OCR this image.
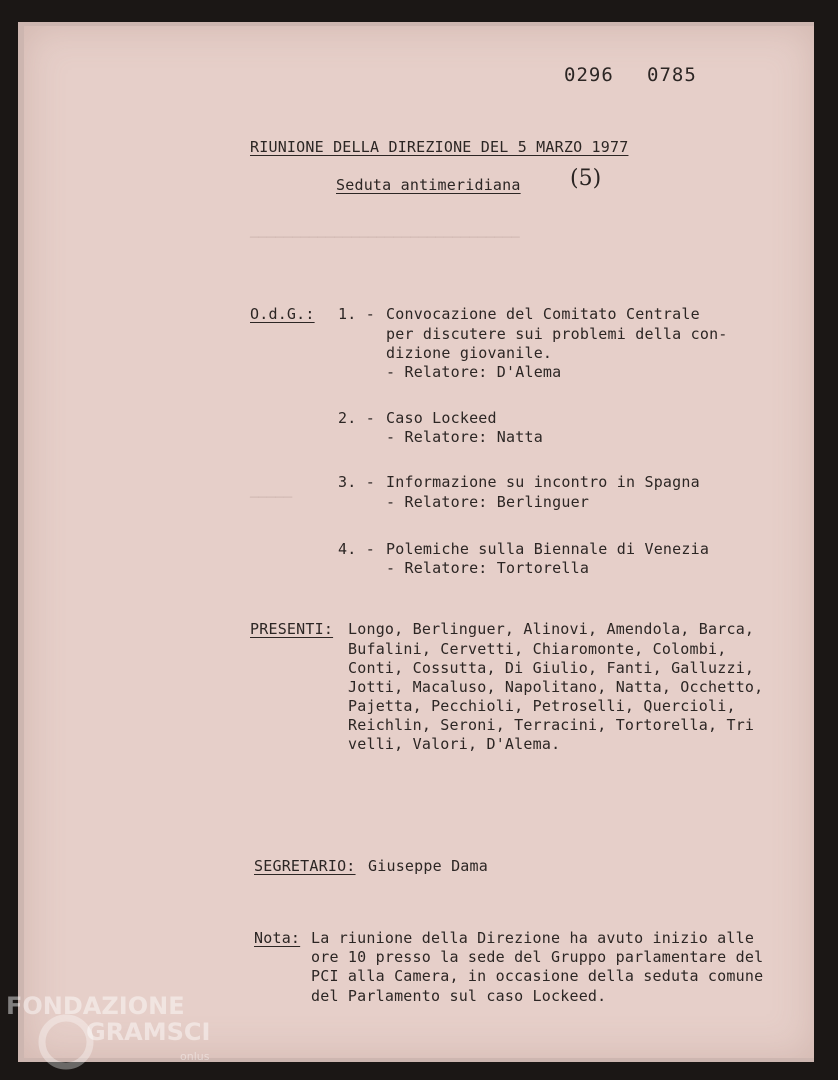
────────────────────────────────
─────
0296 0785
RIUNIONE DELLA DIREZIONE DEL 5 MARZO 1977
Seduta antimeridiana (5)
O.d.G.: 1. - Convocazione del Comitato Centrale
per discutere sui problemi della con-
dizione giovanile.
- Relatore: D'Alema
2. - Caso Lockeed
- Relatore: Natta
3. - Informazione su incontro in Spagna
- Relatore: Berlinguer
4. - Polemiche sulla Biennale di Venezia
- Relatore: Tortorella
PRESENTI: Longo, Berlinguer, Alinovi, Amendola, Barca,
Bufalini, Cervetti, Chiaromonte, Colombi,
Conti, Cossutta, Di Giulio, Fanti, Galluzzi,
Jotti, Macaluso, Napolitano, Natta, Occhetto,
Pajetta, Pecchioli, Petroselli, Quercioli,
Reichlin, Seroni, Terracini, Tortorella, Tri
velli, Valori, D'Alema.
SEGRETARIO: Giuseppe Dama
Nota: La riunione della Direzione ha avuto inizio alle
ore 10 presso la sede del Gruppo parlamentare del
PCI alla Camera, in occasione della seduta comune
del Parlamento sul caso Lockeed.
FONDAZIONE
GRAMSCI
onlus
